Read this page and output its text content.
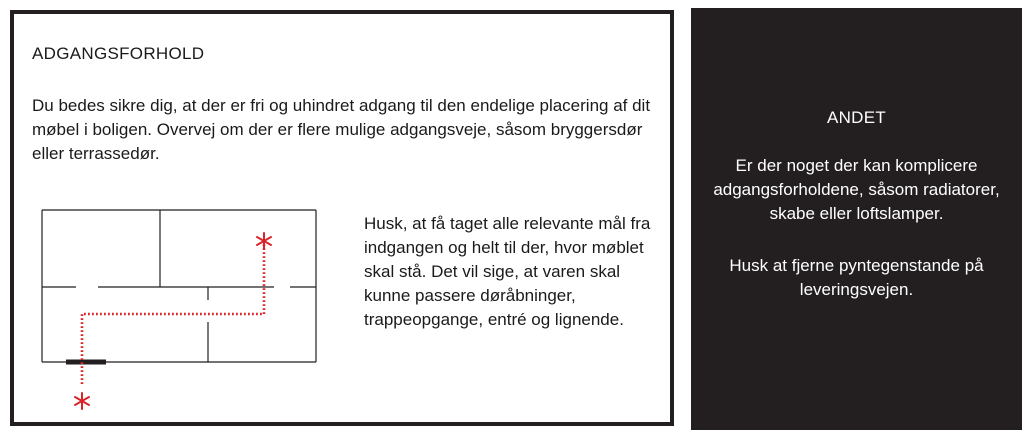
ADGANGSFORHOLD
Du bedes sikre dig, at der er fri og uhindret adgang til den endelige placering af dit møbel i boligen. Overvej om der er flere mulige adgangsveje, såsom bryggersdør eller terrassedør.
Husk, at få taget alle relevante mål fra indgangen og helt til der, hvor møblet skal stå. Det vil sige, at varen skal kunne passere døråbninger, trappeopgange, entré og lignende.
ANDET
Er der noget der kan komplicere adgangsforholdene, såsom radiatorer, skabe eller loftslamper.
Husk at fjerne pyntegenstande på leveringsvejen.
